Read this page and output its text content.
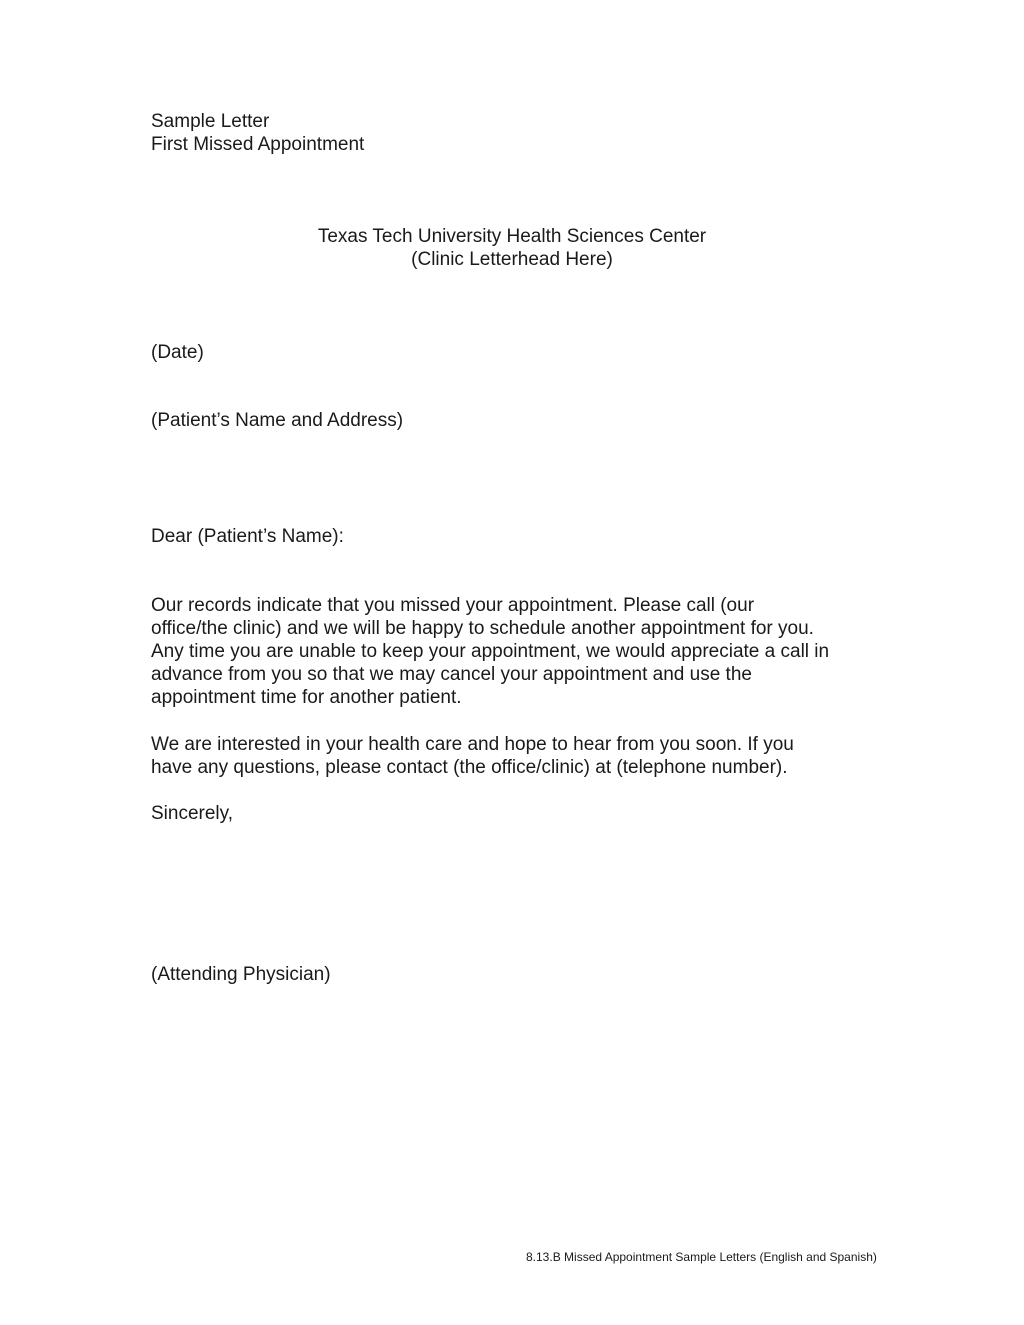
Sample Letter
First Missed Appointment
Texas Tech University Health Sciences Center
(Clinic Letterhead Here)
(Date)
(Patient’s Name and Address)
Dear (Patient’s Name):
Our records indicate that you missed your appointment. Please call (our
office/the clinic) and we will be happy to schedule another appointment for you.
Any time you are unable to keep your appointment, we would appreciate a call in
advance from you so that we may cancel your appointment and use the
appointment time for another patient.
We are interested in your health care and hope to hear from you soon. If you
have any questions, please contact (the office/clinic) at (telephone number).
Sincerely,
(Attending Physician)
8.13.B Missed Appointment Sample Letters (English and Spanish)
